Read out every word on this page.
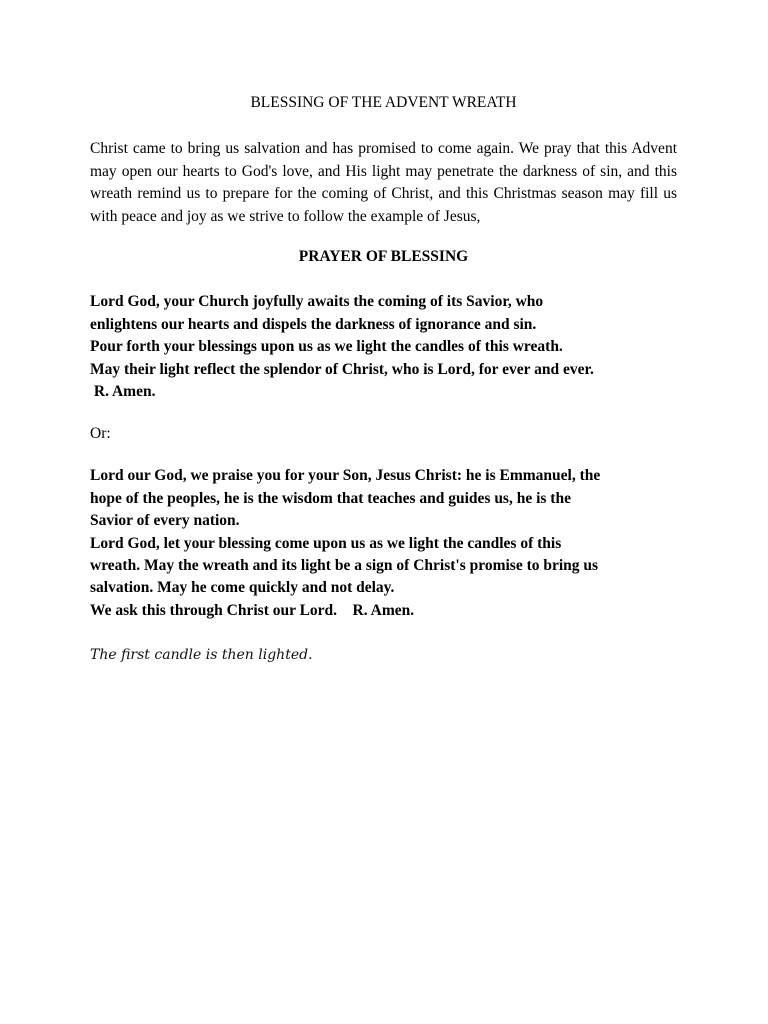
BLESSING OF THE ADVENT WREATH

Christ came to bring us salvation and has promised to come again. We pray that this Advent may open our hearts to God's love, and His light may penetrate the darkness of sin, and this wreath remind us to prepare for the coming of Christ, and this Christmas season may fill us with peace and joy as we strive to follow the example of Jesus,

PRAYER OF BLESSING
Lord God, your Church joyfully awaits the coming of its Savior, who
enlightens our hearts and dispels the darkness of ignorance and sin.
Pour forth your blessings upon us as we light the candles of this wreath.
May their light reflect the splendor of Christ, who is Lord, for ever and ever.
R. Amen.

Or:

Lord our God, we praise you for your Son, Jesus Christ: he is Emmanuel, the
hope of the peoples, he is the wisdom that teaches and guides us, he is the
Savior of every nation.
Lord God, let your blessing come upon us as we light the candles of this
wreath. May the wreath and its light be a sign of Christ's promise to bring us
salvation. May he come quickly and not delay.
We ask this through Christ our Lord.    R. Amen.

The first candle is then lighted.
